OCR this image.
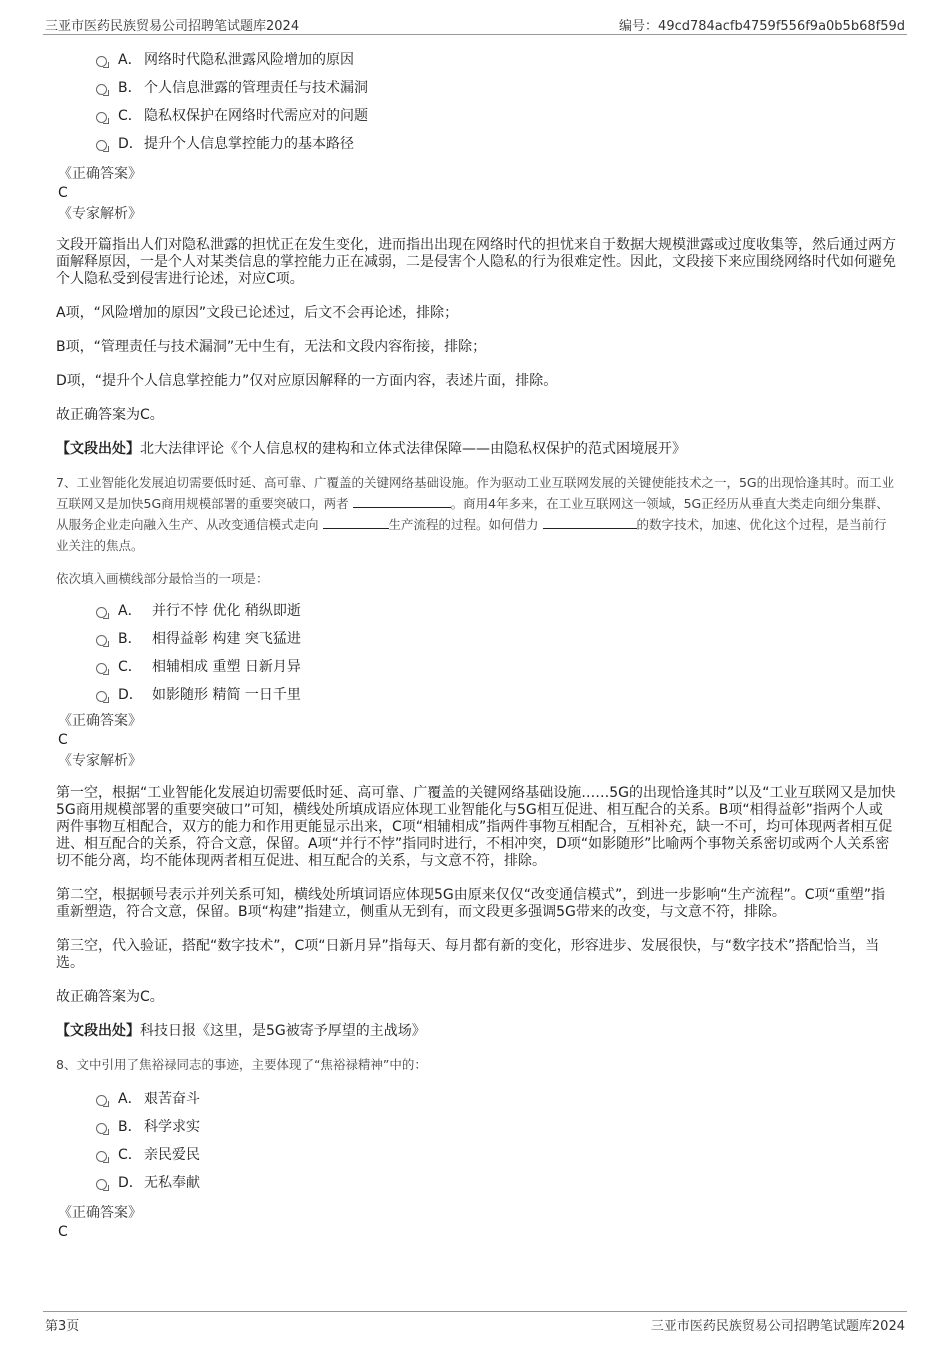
三亚市医药民族贸易公司招聘笔试题库2024	编号：49cd784acfb4759f556f9a0b5b68f59d
A． 网络时代隐私泄露风险增加的原因
B． 个人信息泄露的管理责任与技术漏洞
C． 隐私权保护在网络时代需应对的问题
D．提升个人信息掌控能力的基本路径
《正确答案》
C
《专家解析》

文段开篇指出人们对隐私泄露的担忧正在发生变化，进而指出出现在网络时代的担忧来自于数据大规模泄露或过度收集等，然后通过两方面解释原因，一是个人对某类信息的掌控能力正在减弱，二是侵害个人隐私的行为很难定性。因此，文段接下来应围绕网络时代如何避免个人隐私受到侵害进行论述，对应C项。

A项，“风险增加的原因”文段已论述过，后文不会再论述，排除；

B项，“管理责任与技术漏洞”无中生有，无法和文段内容衔接，排除；

D项，“提升个人信息掌控能力”仅对应原因解释的一方面内容，表述片面，排除。

故正确答案为C。

【文段出处】北大法律评论《个人信息权的建构和立体式法律保障——由隐私权保护的范式困境展开》

7、工业智能化发展迫切需要低时延、高可靠、广覆盖的关键网络基础设施。作为驱动工业互联网发展的关键使能技术之一，5G的出现恰逢其时。而工业互联网又是加快5G商用规模部署的重要突破口，两者	。商用4年多来，在工业互联网这一领域，5G正经历从垂直大类走向细分集群、从服务企业走向融入生产、从改变通信模式走向	生产流程的过程。如何借力	的数字技术，加速、优化这个过程，是当前行业关注的焦点。

依次填入画横线部分最恰当的一项是：

A． 并行不悖 优化 稍纵即逝
B． 相得益彰 构建 突飞猛进
C． 相辅相成 重塑 日新月异
D． 如影随形 精简 一日千里
《正确答案》
C
《专家解析》

第一空，根据“工业智能化发展迫切需要低时延、高可靠、广覆盖的关键网络基础设施……5G的出现恰逢其时”以及“工业互联网又是加快5G商用规模部署的重要突破口”可知，横线处所填成语应体现工业智能化与5G相互促进、相互配合的关系。B项“相得益彰”指两个人或两件事物互相配合，双方的能力和作用更能显示出来，C项“相辅相成”指两件事物互相配合，互相补充，缺一不可，均可体现两者相互促进、相互配合的关系，符合文意，保留。A项“并行不悖”指同时进行，不相冲突，D项“如影随形”比喻两个事物关系密切或两个人关系密切不能分离，均不能体现两者相互促进、相互配合的关系，与文意不符，排除。

第二空，根据顿号表示并列关系可知，横线处所填词语应体现5G由原来仅仅“改变通信模式”，到进一步影响“生产流程”。C项“重塑”指重新塑造，符合文意，保留。B项“构建”指建立，侧重从无到有，而文段更多强调5G带来的改变，与文意不符，排除。

第三空，代入验证，搭配“数字技术”，C项“日新月异”指每天、每月都有新的变化，形容进步、发展很快，与“数字技术”搭配恰当，当选。

故正确答案为C。

【文段出处】科技日报《这里，是5G被寄予厚望的主战场》

8、文中引用了焦裕禄同志的事迹，主要体现了“焦裕禄精神”中的：

A． 艰苦奋斗
B． 科学求实
C． 亲民爱民
D．无私奉献
《正确答案》
C
第3页	三亚市医药民族贸易公司招聘笔试题库2024
